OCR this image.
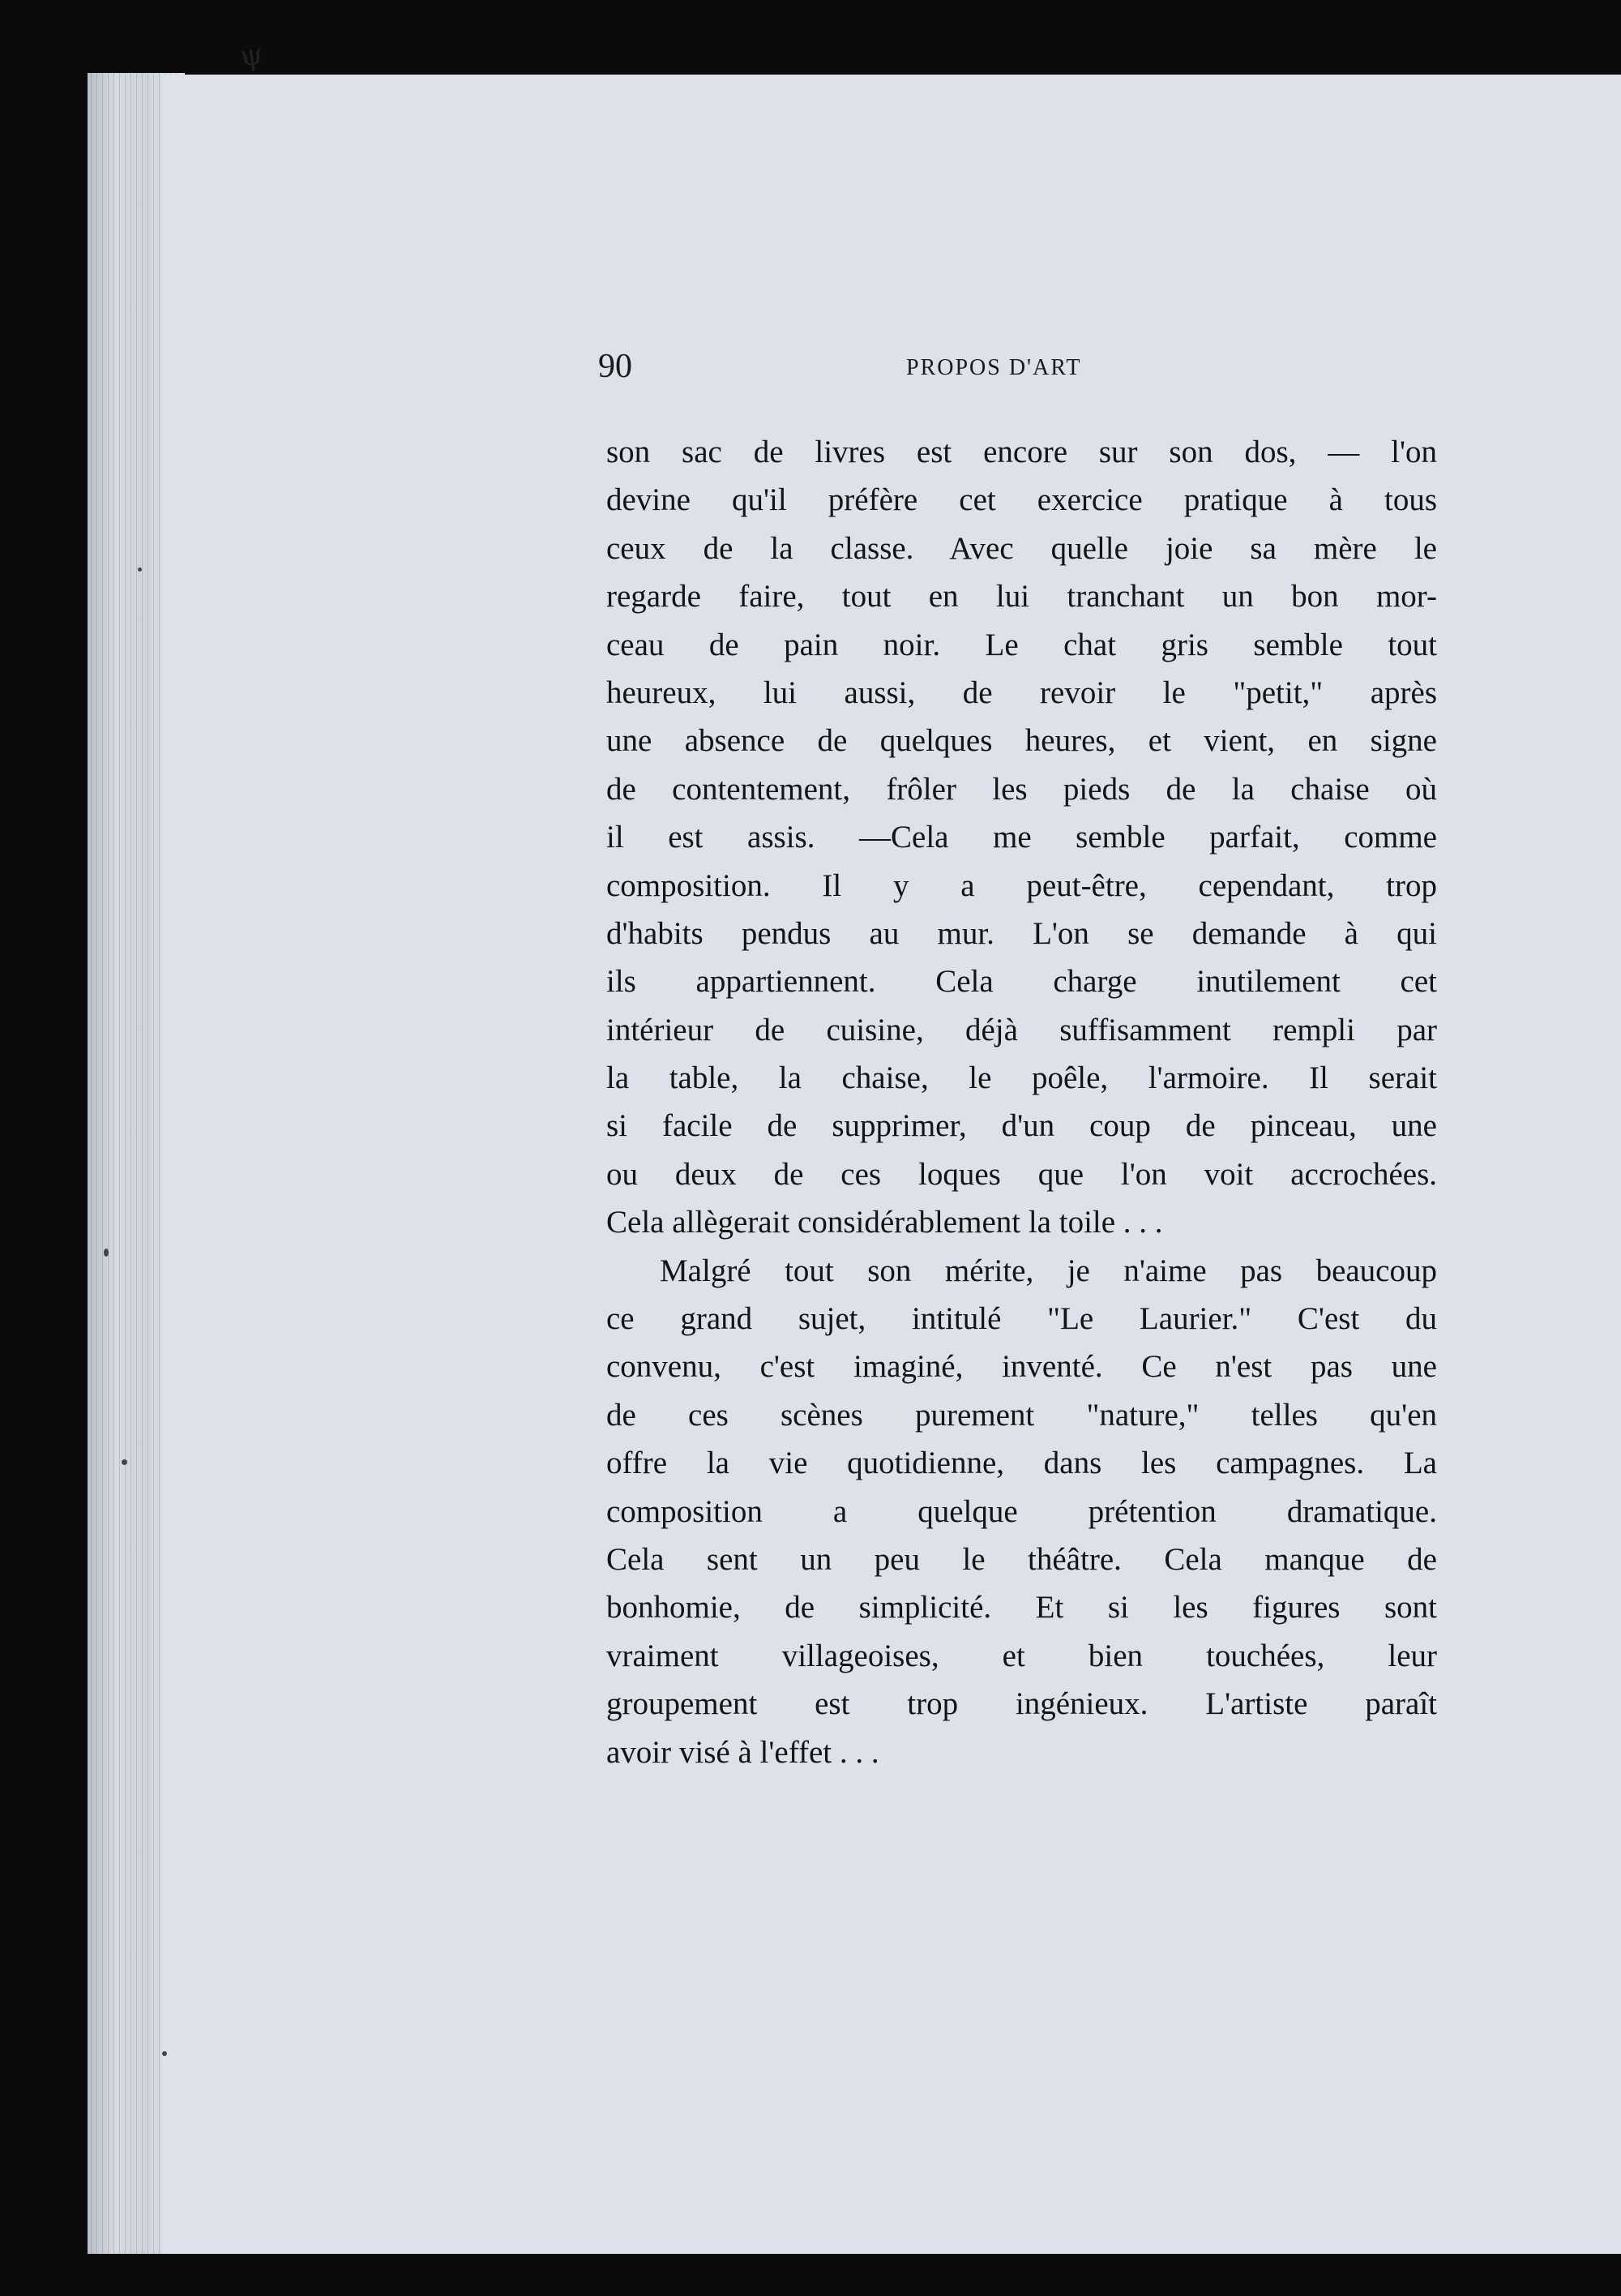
ψ
90	PROPOS D'ART
son sac de livres est encore sur son dos, — l'on
devine qu'il préfère cet exercice pratique à tous
ceux de la classe. Avec quelle joie sa mère le
regarde faire, tout en lui tranchant un bon mor-
ceau de pain noir. Le chat gris semble tout
heureux, lui aussi, de revoir le "petit," après
une absence de quelques heures, et vient, en signe
de contentement, frôler les pieds de la chaise où
il est assis. —Cela me semble parfait, comme
composition. Il y a peut-être, cependant, trop
d'habits pendus au mur. L'on se demande à qui
ils appartiennent. Cela charge inutilement cet
intérieur de cuisine, déjà suffisamment rempli par
la table, la chaise, le poêle, l'armoire. Il serait
si facile de supprimer, d'un coup de pinceau, une
ou deux de ces loques que l'on voit accrochées.
Cela allègerait considérablement la toile . . .
Malgré tout son mérite, je n'aime pas beaucoup
ce grand sujet, intitulé "Le Laurier." C'est du
convenu, c'est imaginé, inventé. Ce n'est pas une
de ces scènes purement "nature," telles qu'en
offre la vie quotidienne, dans les campagnes. La
composition a quelque prétention dramatique.
Cela sent un peu le théâtre. Cela manque de
bonhomie, de simplicité. Et si les figures sont
vraiment villageoises, et bien touchées, leur
groupement est trop ingénieux. L'artiste paraît
avoir visé à l'effet . . .
